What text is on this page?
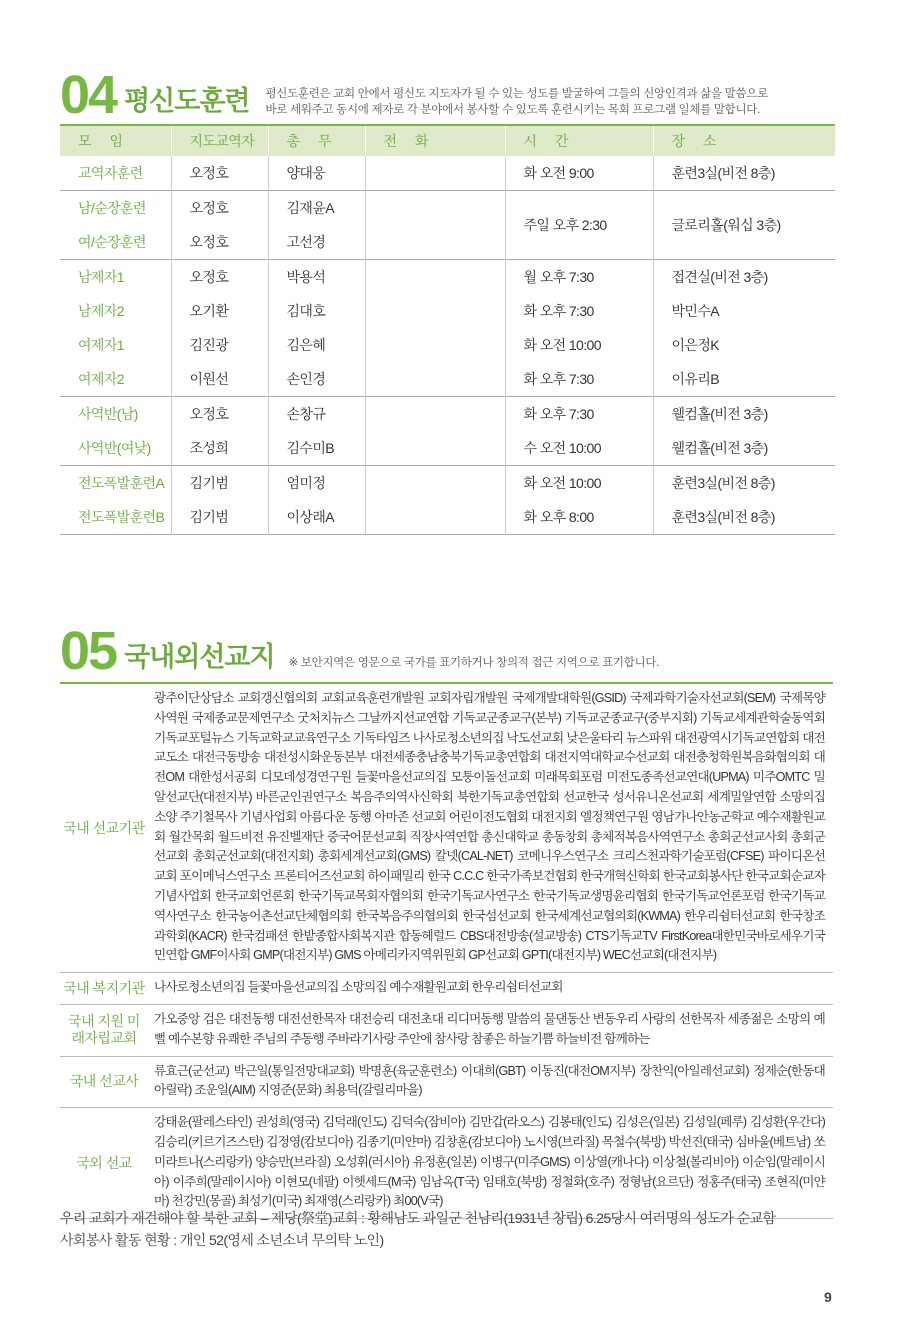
04 평신도훈련 평신도훈련은 교회 안에서 평신도 지도자가 될 수 있는 성도를 발굴하여 그들의 신앙인격과 삶을 말씀으로
바로 세워주고 동시에 제자로 각 분야에서 봉사할 수 있도록 훈련시키는 목회 프로그램 일체를 말합니다.
모임	지도교역자	총무	전화	시간	장소
교역자훈련	오정호	양대웅		화 오전 9:00	훈련3실(비전 8층)
남/순장훈련	오정호	김재윤A		주일 오후 2:30	글로리홀(워십 3층)
여/순장훈련	오정호	고선경			
남제자1	오정호	박용석		월 오후 7:30	접견실(비전 3층)
남제자2	오기환	김대호		화 오후 7:30	박민수A
여제자1	김진광	김은혜		화 오전 10:00	이은정K
여제자2	이원선	손인경		화 오후 7:30	이유리B
사역반(남)	오정호	손창규		화 오후 7:30	웰컴홀(비전 3층)
사역반(여낮)	조성희	김수미B		수 오전 10:00	웰컴홀(비전 3층)
전도폭발훈련A	김기범	엄미정		화 오전 10:00	훈련3실(비전 8층)
전도폭발훈련B	김기범	이상래A		화 오후 8:00	훈련3실(비전 8층)
05 국내외선교지 ※ 보안지역은 영문으로 국가를 표기하거나 창의적 접근 지역으로 표기합니다.
국내 선교기관	광주이단상담소 교회갱신협의회 교회교육훈련개발원 교회자립개발원 국제개발대학원(GSID) 국제과학기술자선교회(SEM) 국제목양사역원 국제종교문제연구소 굿처치뉴스 그날까지선교연합 기독교군종교구(본부) 기독교군종교구(중부지회) 기독교세계관학술동역회 기독교포털뉴스 기독교학교교육연구소 기독타임즈 나사로청소년의집 낙도선교회 낮은울타리 뉴스파워 대전광역시기독교연합회 대전교도소 대전극동방송 대전성시화운동본부 대전세종충남충북기독교총연합회 대전지역대학교수선교회 대전충청학원복음화협의회 대전OM 대한성서공회 디모데성경연구원 들꽃마을선교의집 모퉁이돌선교회 미래목회포럼 미전도종족선교연대(UPMA) 미주OMTC 밀알선교단(대전지부) 바른군인권연구소 복음주의역사신학회 북한기독교총연합회 선교한국 성서유니온선교회 세계밀알연합 소망의집 소양 주기철목사 기념사업회 아름다운 동행 아마존 선교회 어린이전도협회 대전지회 엘정책연구원 영남가나안농군학교 예수재활원교회 월간목회 월드비전 유진벨재단 중국어문선교회 직장사역연합 총신대학교 총동창회 총체적복음사역연구소 총회군선교사회 총회군선교회 총회군선교회(대전지회) 총회세계선교회(GMS) 칼넷(CAL-NET) 코메니우스연구소 크리스천과학기술포럼(CFSE) 파이디온선교회 포이메닉스연구소 프론티어즈선교회 하이패밀리 한국 C.C.C 한국가족보건협회 한국개혁신학회 한국교회봉사단 한국교회순교자기념사업회 한국교회언론회 한국기독교목회자협의회 한국기독교사연구소 한국기독교생명윤리협회 한국기독교언론포럼 한국기독교역사연구소 한국농어촌선교단체협의회 한국복음주의협의회 한국섬선교회 한국세계선교협의회(KWMA) 한우리쉼터선교회 한국창조과학회(KACR) 한국컴패션 한밭종합사회복지관 합동헤럴드 CBS대전방송(설교방송) CTS기독교TV FirstKorea대한민국바로세우기국민연합 GMF이사회 GMP(대전지부) GMS 아메리카지역위원회 GP선교회 GPTI(대전지부) WEC선교회(대전지부)
국내 복지기관	나사로청소년의집 들꽃마을선교의집 소망의집 예수재활원교회 한우리쉼터선교회
국내 지원 미래자립교회	가오중앙 검은 대전동행 대전선한목자 대전승리 대전초대 리디머동행 말씀의 물댄동산 변동우리 사랑의 선한목자 세종젊은 소망의 예뻘 예수본향 유쾌한 주님의 주동행 주바라기사랑 주안에 참사랑 참좋은 하늘기쁨 하늘비전 함께하는
국내 선교사	류효근(군선교) 박근일(통일전망대교회) 박명훈(육군훈련소) 이대희(GBT) 이동진(대전OM지부) 장찬익(아일레선교회) 정제순(한동대 아릴락) 조운일(AIM) 지영준(문화) 최용덕(갈릴리마을)
국외 선교	강태윤(팔레스타인) 권성희(영국) 김덕래(인도) 김덕숙(잠비아) 김만갑(라오스) 김봉태(인도) 김성은(일본) 김성일(페루) 김성환(우간다) 김승리(키르기즈스탄) 김정영(캄보디아) 김종기(미얀마) 김창훈(캄보디아) 노시영(브라질) 목철수(북방) 박선진(태국) 심바울(베트남) 쏘미라트나(스리랑카) 양승만(브라질) 오성휘(러시아) 유정훈(일본) 이병구(미주GMS) 이상열(캐나다) 이상철(볼리비아) 이순임(말레이시아) 이주희(말레이시아) 이현모(네팔) 이헷세드(M국) 임남옥(T국) 임태호(북방) 정철화(호주) 정형남(요르단) 정홍주(태국) 조현직(미얀마) 천강민(몽골) 최성기(미국) 최재영(스리랑카) 최00(V국)
우리 교회가 재건해야 할 북한 교회 – 제당(祭堂)교회 : 황해남도 과일군 천남리(1931년 창립) 6.25당시 여러명의 성도가 순교함
사회봉사 활동 현황 : 개인 52(영세 소년소녀 무의탁 노인)
9
